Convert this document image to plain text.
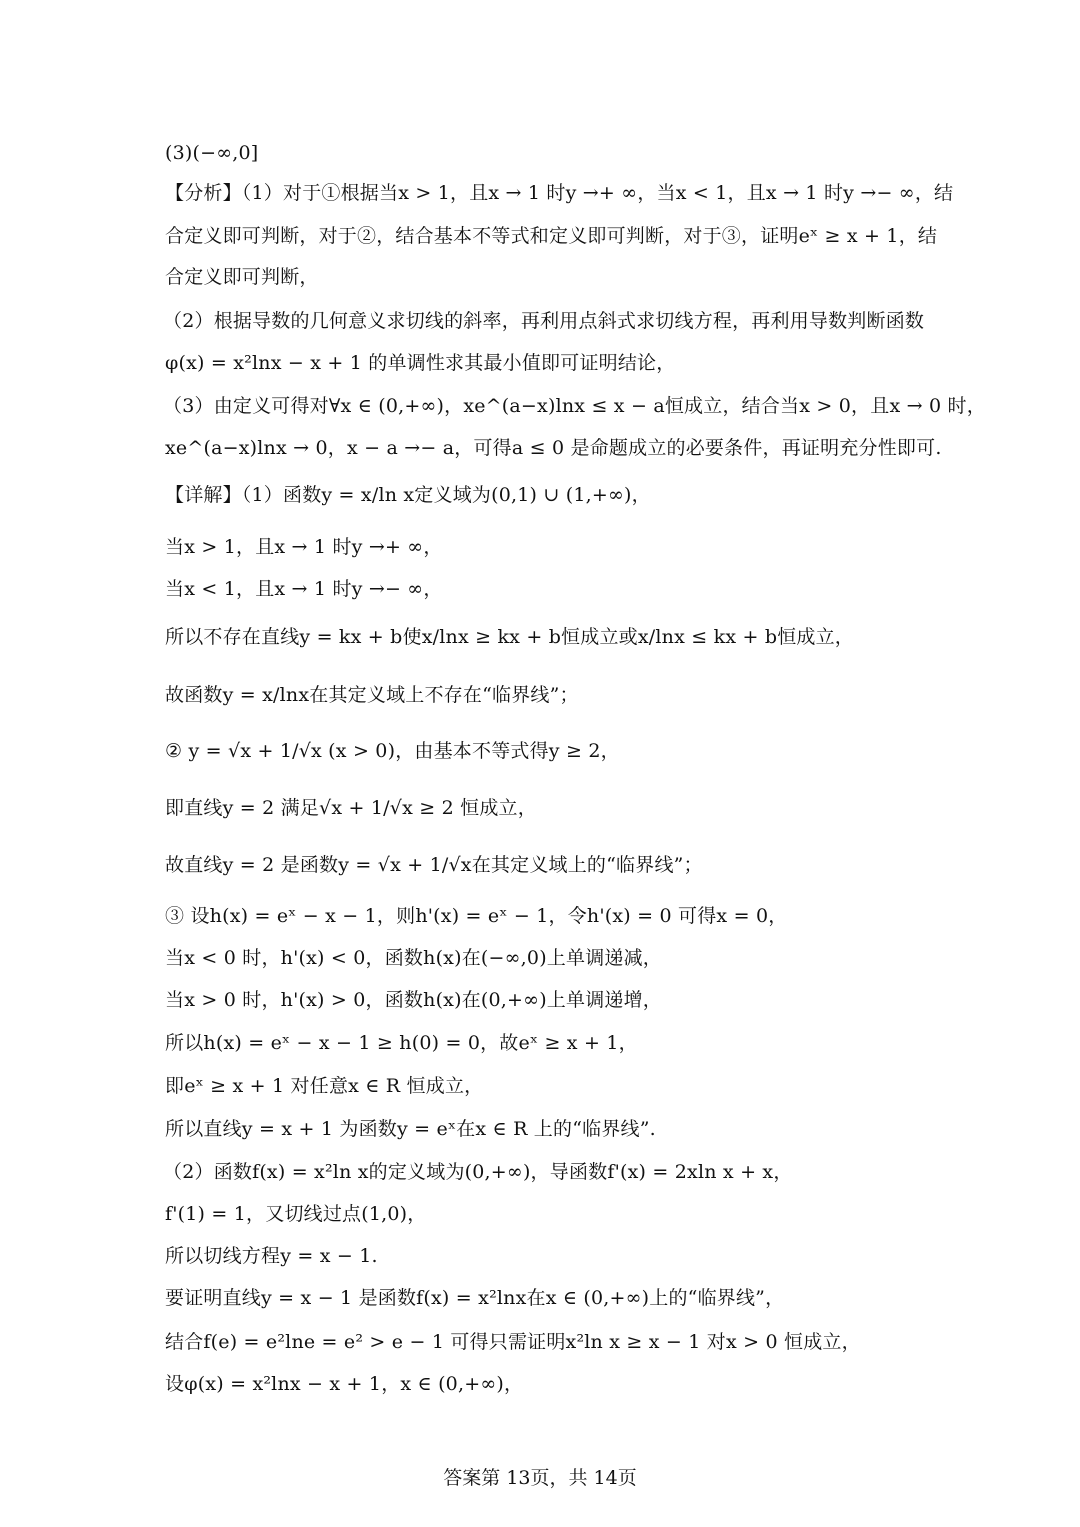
(3)(−∞,0]
【分析】（1）对于①根据当x > 1，且x → 1 时y →+ ∞，当x < 1，且x → 1 时y →− ∞，结
合定义即可判断，对于②，结合基本不等式和定义即可判断，对于③，证明eˣ ≥ x + 1，结
合定义即可判断，
（2）根据导数的几何意义求切线的斜率，再利用点斜式求切线方程，再利用导数判断函数
φ(x) = x²lnx − x + 1 的单调性求其最小值即可证明结论，
（3）由定义可得对∀x ∈ (0,+∞)，xe^(a−x)lnx ≤ x − a恒成立，结合当x > 0，且x → 0 时，
xe^(a−x)lnx → 0，x − a →− a，可得a ≤ 0 是命题成立的必要条件，再证明充分性即可.
【详解】（1）函数y = x/ln x定义域为(0,1) ∪ (1,+∞)，
当x > 1，且x → 1 时y →+ ∞，
当x < 1，且x → 1 时y →− ∞，
所以不存在直线y = kx + b使x/lnx ≥ kx + b恒成立或x/lnx ≤ kx + b恒成立，
故函数y = x/lnx在其定义域上不存在“临界线”；
② y = √x + 1/√x (x > 0)，由基本不等式得y ≥ 2，
即直线y = 2 满足√x + 1/√x ≥ 2 恒成立，
故直线y = 2 是函数y = √x + 1/√x在其定义域上的“临界线”；
③ 设h(x) = eˣ − x − 1，则h'(x) = eˣ − 1，令h'(x) = 0 可得x = 0，
当x < 0 时，h'(x) < 0，函数h(x)在(−∞,0)上单调递减，
当x > 0 时，h'(x) > 0，函数h(x)在(0,+∞)上单调递增，
所以h(x) = eˣ − x − 1 ≥ h(0) = 0，故eˣ ≥ x + 1，
即eˣ ≥ x + 1 对任意x ∈ R 恒成立，
所以直线y = x + 1 为函数y = eˣ在x ∈ R 上的“临界线”.
（2）函数f(x) = x²ln x的定义域为(0,+∞)，导函数f'(x) = 2xln x + x，
f'(1) = 1，又切线过点(1,0)，
所以切线方程y = x − 1.
要证明直线y = x − 1 是函数f(x) = x²lnx在x ∈ (0,+∞)上的“临界线”，
结合f(e) = e²lne = e² > e − 1 可得只需证明x²ln x ≥ x − 1 对x > 0 恒成立，
设φ(x) = x²lnx − x + 1，x ∈ (0,+∞)，
答案第 13页，共 14页
